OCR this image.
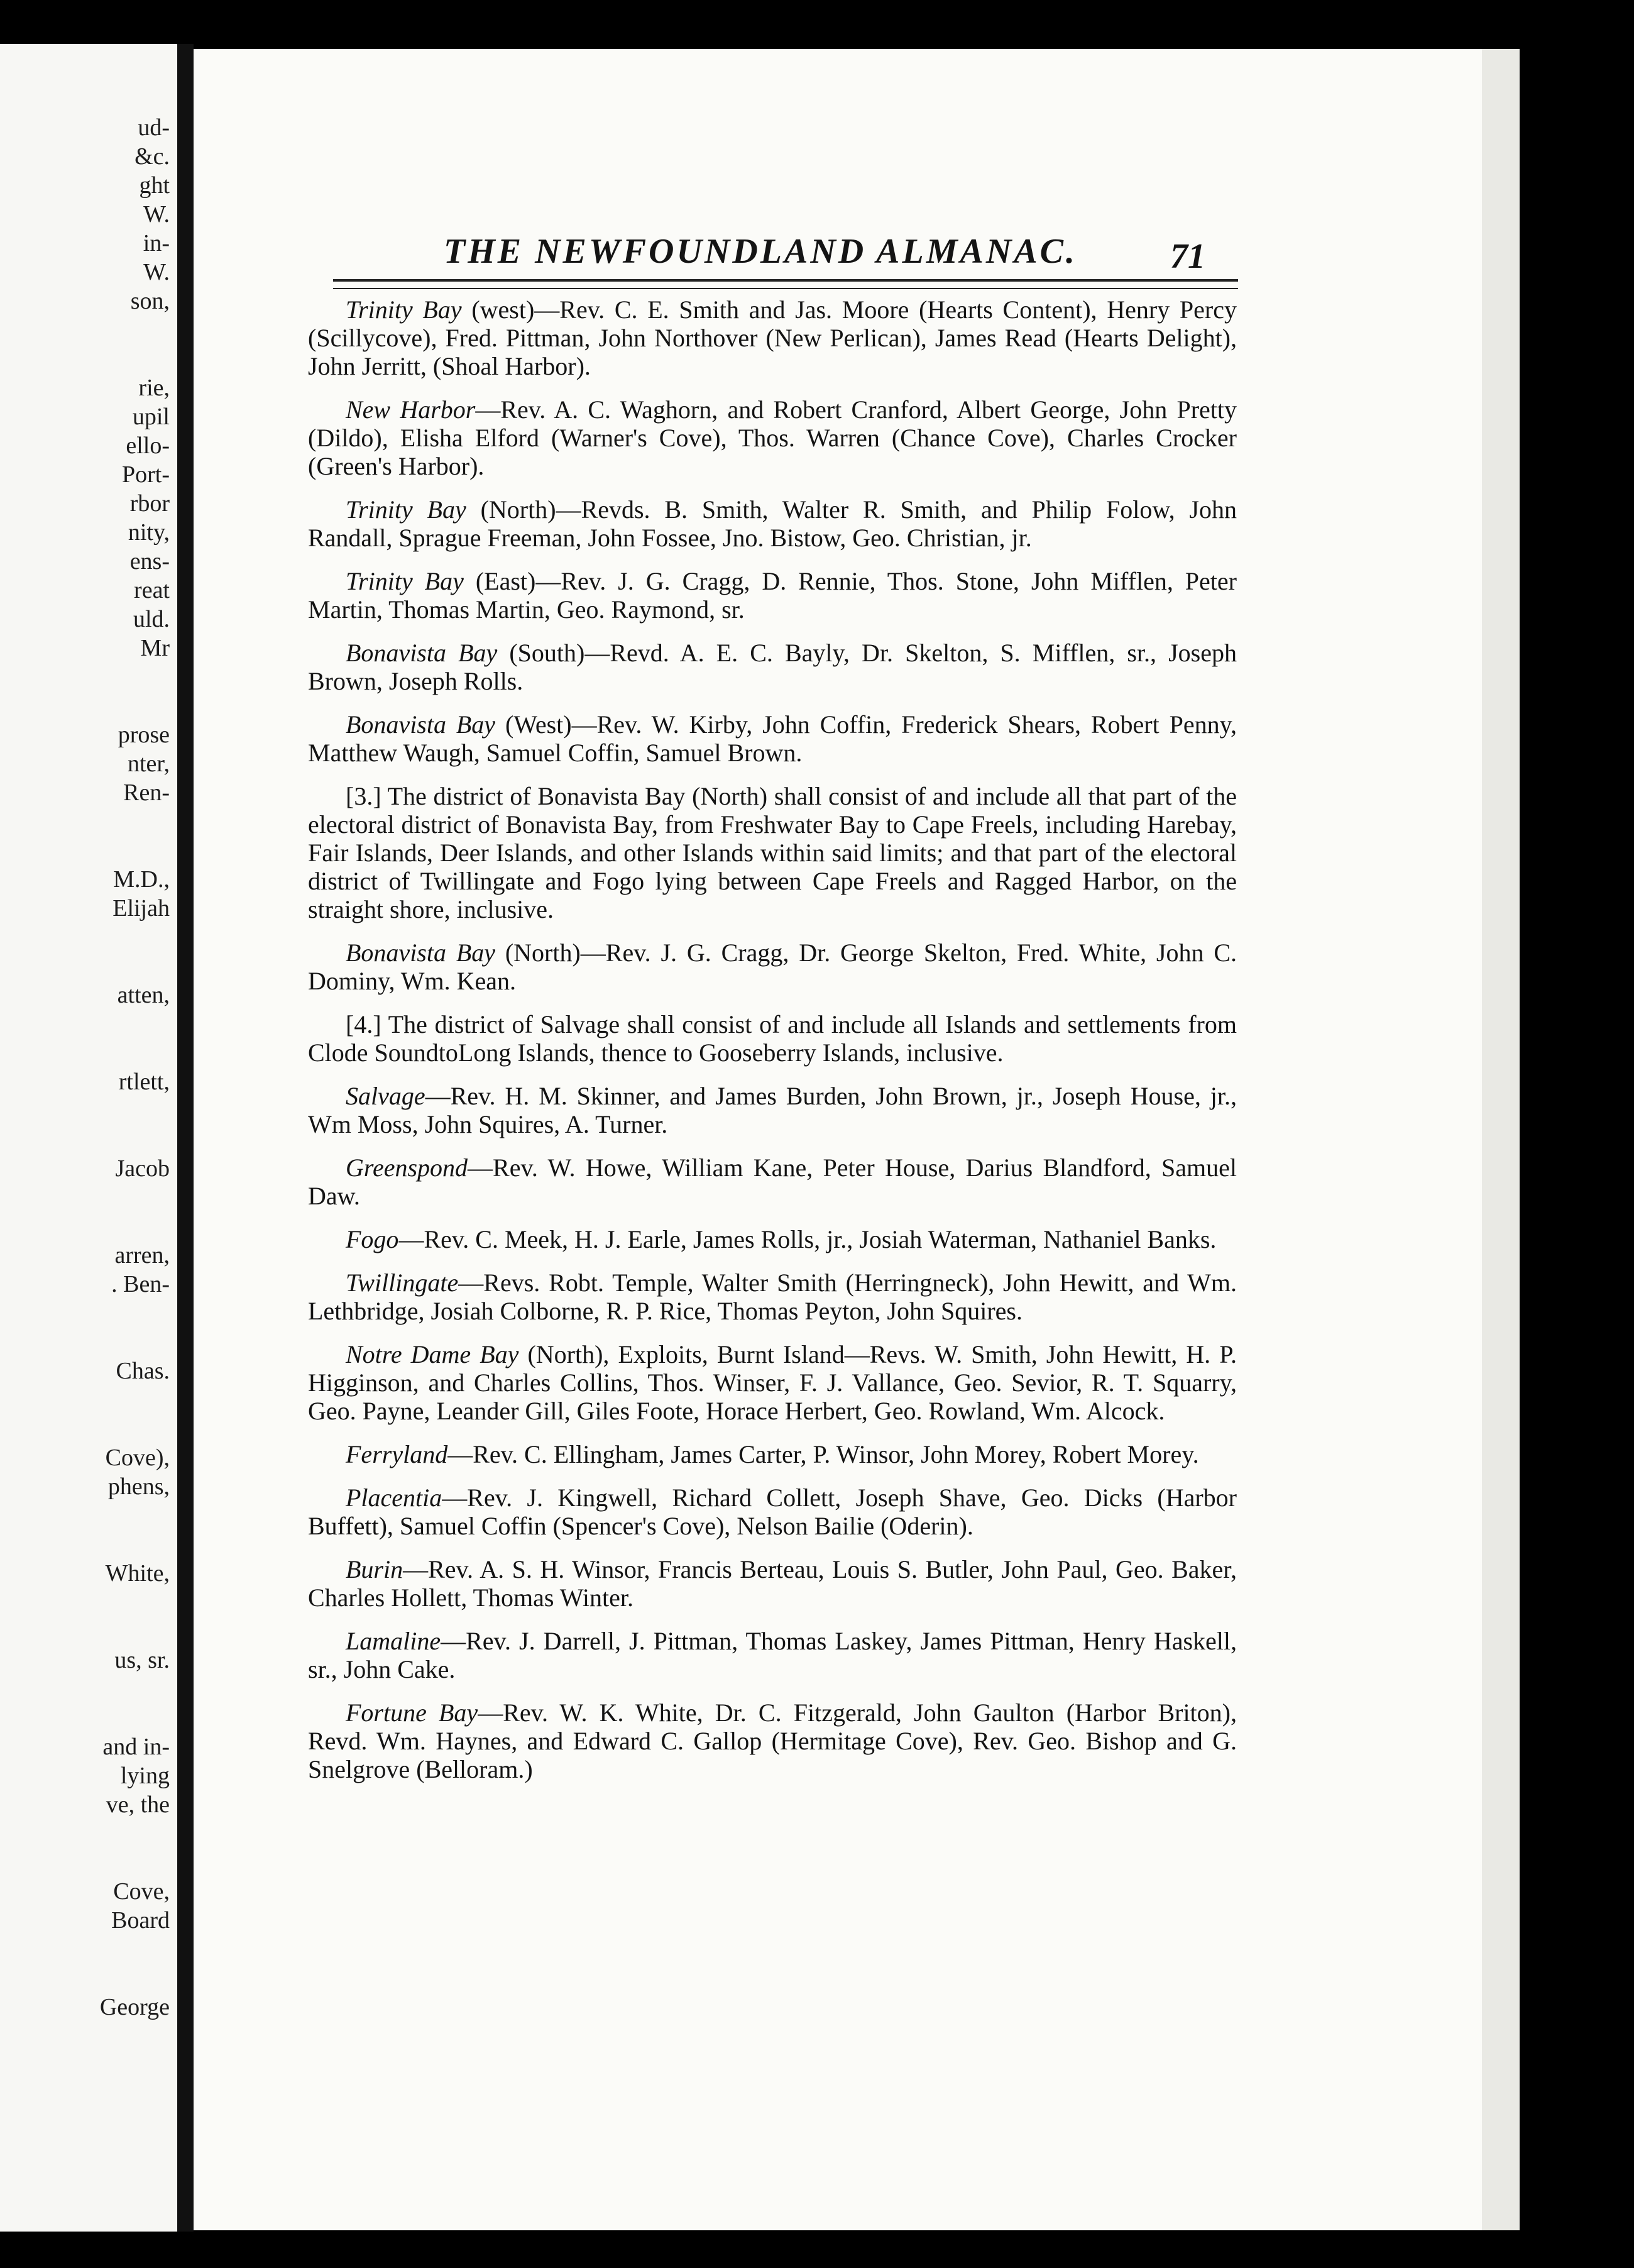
ud-
&c.
ght
W.
in-
W.
son,
rie,
upil
ello-
Port-
rbor
nity,
ens-
reat
uld.
Mr
prose
nter,
Ren-
M.D.,
Elijah
atten,
rtlett,
Jacob
arren,
. Ben-
Chas.
Cove),
phens,
White,
us, sr.
and in-
lying
ve, the
Cove,
Board
George
THE NEWFOUNDLAND ALMANAC.	71

Trinity Bay (west)—Rev. C. E. Smith and Jas. Moore (Hearts Content), Henry Percy (Scillycove), Fred. Pittman, John Northover (New Perlican), James Read (Hearts Delight), John Jerritt, (Shoal Harbor).

New Harbor—Rev. A. C. Waghorn, and Robert Cranford, Albert George, John Pretty (Dildo), Elisha Elford (Warner's Cove), Thos. Warren (Chance Cove), Charles Crocker (Green's Harbor).

Trinity Bay (North)—Revds. B. Smith, Walter R. Smith, and Philip Folow, John Randall, Sprague Freeman, John Fossee, Jno. Bistow, Geo. Christian, jr.

Trinity Bay (East)—Rev. J. G. Cragg, D. Rennie, Thos. Stone, John Mifflen, Peter Martin, Thomas Martin, Geo. Raymond, sr.

Bonavista Bay (South)—Revd. A. E. C. Bayly, Dr. Skelton, S. Mifflen, sr., Joseph Brown, Joseph Rolls.

Bonavista Bay (West)—Rev. W. Kirby, John Coffin, Frederick Shears, Robert Penny, Matthew Waugh, Samuel Coffin, Samuel Brown.

[3.] The district of Bonavista Bay (North) shall consist of and include all that part of the electoral district of Bonavista Bay, from Freshwater Bay to Cape Freels, including Harebay, Fair Islands, Deer Islands, and other Islands within said limits; and that part of the electoral district of Twillingate and Fogo lying between Cape Freels and Ragged Harbor, on the straight shore, inclusive.

Bonavista Bay (North)—Rev. J. G. Cragg, Dr. George Skelton, Fred. White, John C. Dominy, Wm. Kean.

[4.] The district of Salvage shall consist of and include all Islands and settlements from Clode SoundtoLong Islands, thence to Gooseberry Islands, inclusive.

Salvage—Rev. H. M. Skinner, and James Burden, John Brown, jr., Joseph House, jr., Wm Moss, John Squires, A. Turner.

Greenspond—Rev. W. Howe, William Kane, Peter House, Darius Blandford, Samuel Daw.

Fogo—Rev. C. Meek, H. J. Earle, James Rolls, jr., Josiah Waterman, Nathaniel Banks.

Twillingate—Revs. Robt. Temple, Walter Smith (Herringneck), John Hewitt, and Wm. Lethbridge, Josiah Colborne, R. P. Rice, Thomas Peyton, John Squires.

Notre Dame Bay (North), Exploits, Burnt Island—Revs. W. Smith, John Hewitt, H. P. Higginson, and Charles Collins, Thos. Winser, F. J. Vallance, Geo. Sevior, R. T. Squarry, Geo. Payne, Leander Gill, Giles Foote, Horace Herbert, Geo. Rowland, Wm. Alcock.

Ferryland—Rev. C. Ellingham, James Carter, P. Winsor, John Morey, Robert Morey.

Placentia—Rev. J. Kingwell, Richard Collett, Joseph Shave, Geo. Dicks (Harbor Buffett), Samuel Coffin (Spencer's Cove), Nelson Bailie (Oderin).

Burin—Rev. A. S. H. Winsor, Francis Berteau, Louis S. Butler, John Paul, Geo. Baker, Charles Hollett, Thomas Winter.

Lamaline—Rev. J. Darrell, J. Pittman, Thomas Laskey, James Pittman, Henry Haskell, sr., John Cake.

Fortune Bay—Rev. W. K. White, Dr. C. Fitzgerald, John Gaulton (Harbor Briton), Revd. Wm. Haynes, and Edward C. Gallop (Hermitage Cove), Rev. Geo. Bishop and G. Snelgrove (Belloram.)
